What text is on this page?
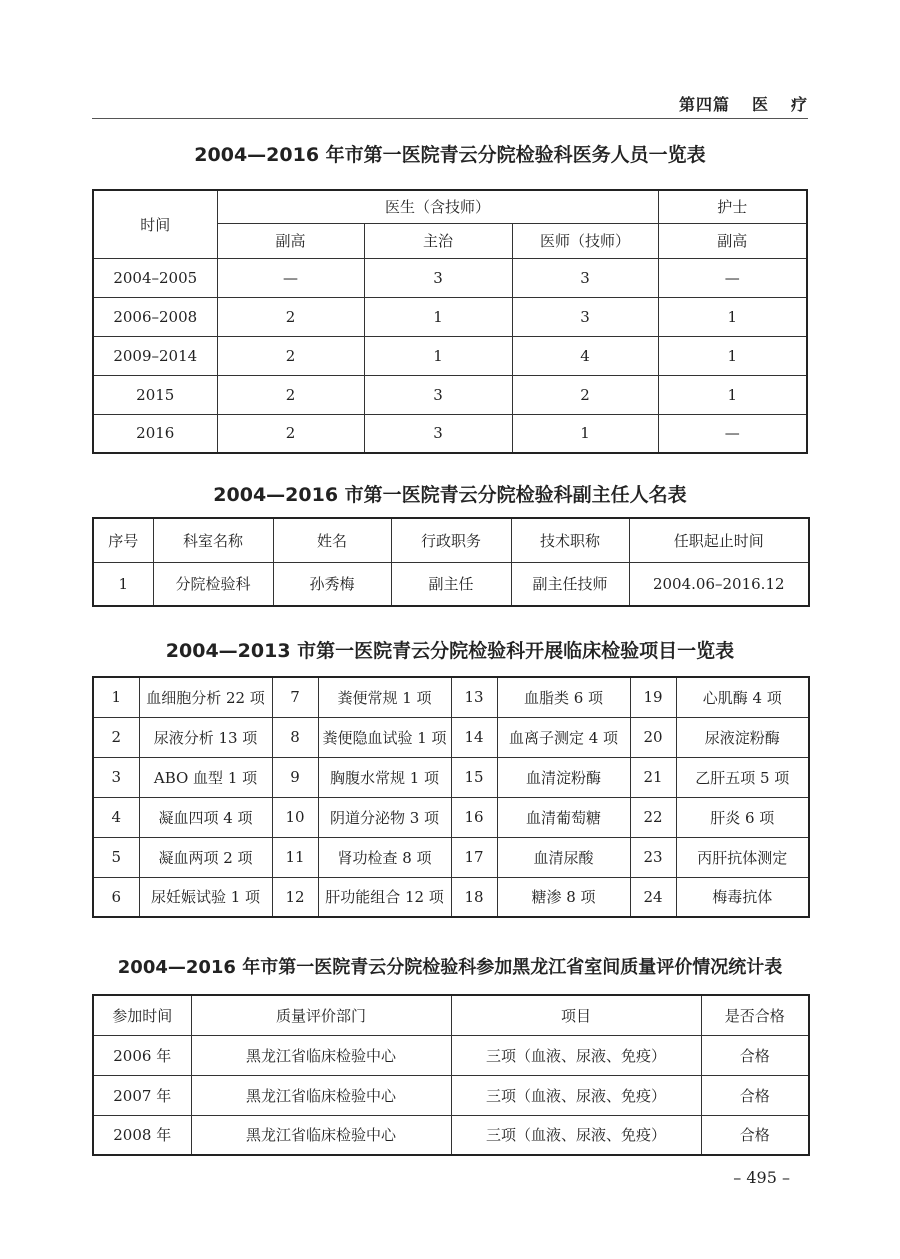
第四篇 医 疗
2004—2016 年市第一医院青云分院检验科医务人员一览表
时间	医生（含技师）			护士
	副高	主治	医师（技师）	副高
2004–2005	—	3	3	—
2006–2008	2	1	3	1
2009–2014	2	1	4	1
2015	2	3	2	1
2016	2	3	1	—
2004—2016 市第一医院青云分院检验科副主任人名表
序号	科室名称	姓名	行政职务	技术职称	任职起止时间
1	分院检验科	孙秀梅	副主任	副主任技师	2004.06–2016.12
2004—2013 市第一医院青云分院检验科开展临床检验项目一览表
1	血细胞分析 22 项	7	粪便常规 1 项	13	血脂类 6 项	19	心肌酶 4 项
2	尿液分析 13 项	8	粪便隐血试验 1 项	14	血离子测定 4 项	20	尿液淀粉酶
3	ABO 血型 1 项	9	胸腹水常规 1 项	15	血清淀粉酶	21	乙肝五项 5 项
4	凝血四项 4 项	10	阴道分泌物 3 项	16	血清葡萄糖	22	肝炎 6 项
5	凝血两项 2 项	11	肾功检查 8 项	17	血清尿酸	23	丙肝抗体测定
6	尿妊娠试验 1 项	12	肝功能组合 12 项	18	糖渗 8 项	24	梅毒抗体
2004—2016 年市第一医院青云分院检验科参加黑龙江省室间质量评价情况统计表
参加时间	质量评价部门	项目	是否合格
2006 年	黑龙江省临床检验中心	三项（血液、尿液、免疫）	合格
2007 年	黑龙江省临床检验中心	三项（血液、尿液、免疫）	合格
2008 年	黑龙江省临床检验中心	三项（血液、尿液、免疫）	合格
– 495 –
